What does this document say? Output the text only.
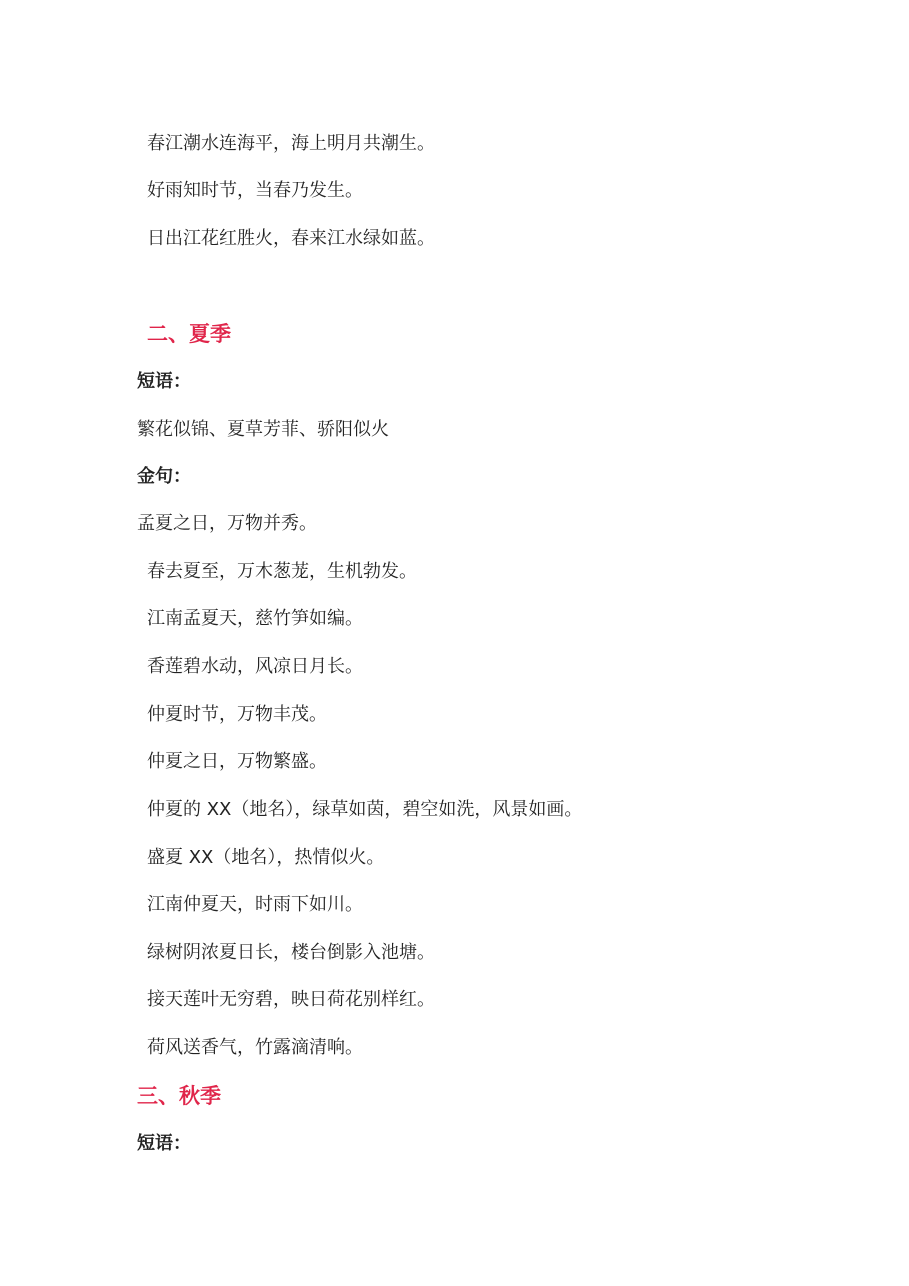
春江潮水连海平，海上明月共潮生。

好雨知时节，当春乃发生。

日出江花红胜火，春来江水绿如蓝。

二、夏季

短语：

繁花似锦、夏草芳菲、骄阳似火

金句：

孟夏之日，万物并秀。

春去夏至，万木葱茏，生机勃发。

江南孟夏天，慈竹笋如编。

香莲碧水动，风凉日月长。

仲夏时节，万物丰茂。

仲夏之日，万物繁盛。

仲夏的 XX（地名），绿草如茵，碧空如洗，风景如画。

盛夏 XX（地名），热情似火。

江南仲夏天，时雨下如川。

绿树阴浓夏日长，楼台倒影入池塘。

接天莲叶无穷碧，映日荷花别样红。

荷风送香气，竹露滴清响。

三、秋季

短语：
